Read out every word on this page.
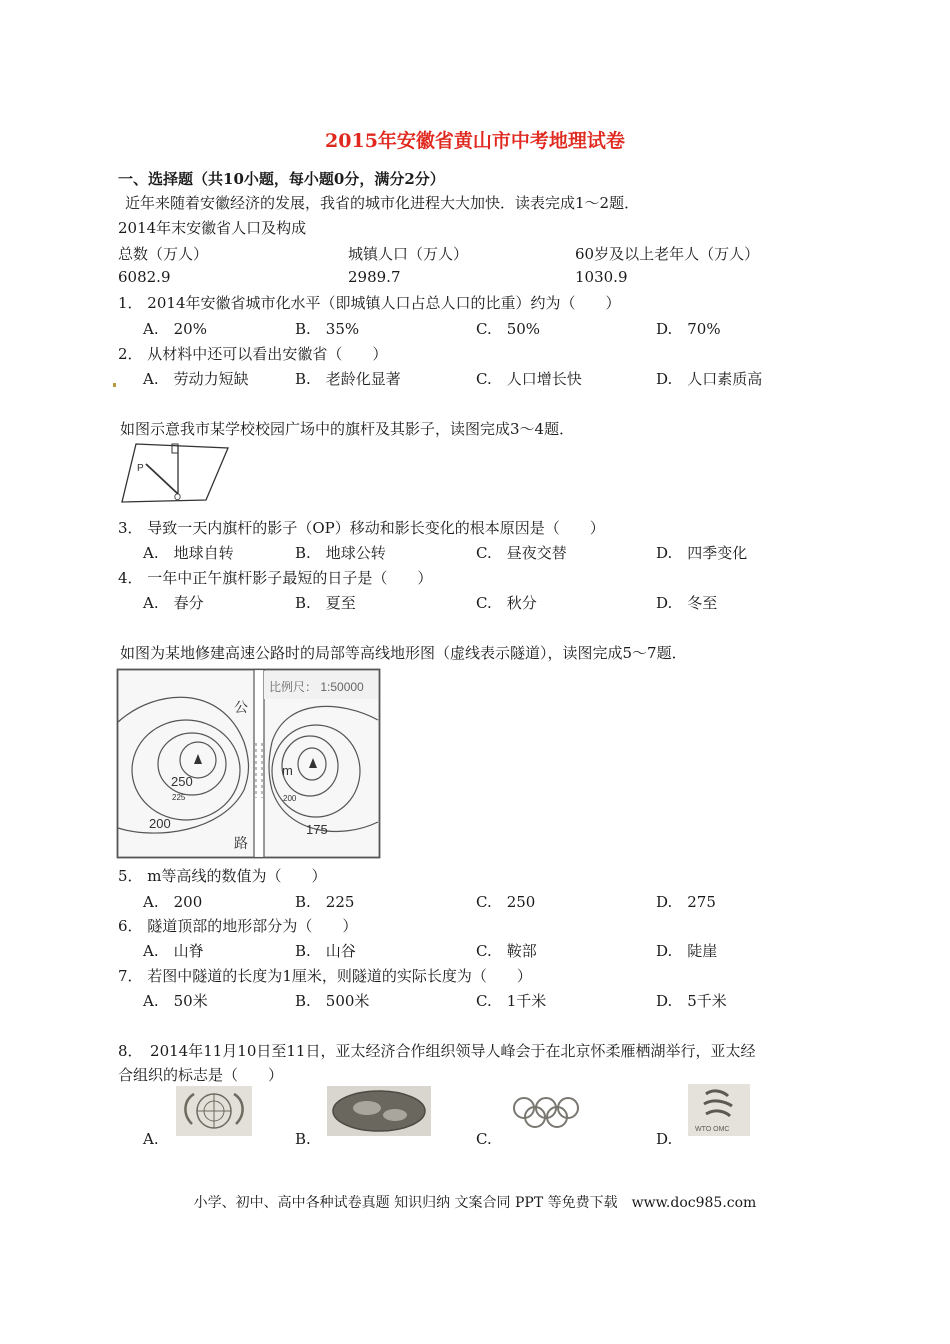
2015年安徽省黄山市中考地理试卷
一、选择题（共10小题，每小题0分，满分2分）
近年来随着安徽经济的发展，我省的城市化进程大大加快．读表完成1～2题．
2014年末安徽省人口及构成
总数（万人）	城镇人口（万人）	60岁及以上老年人（万人）
6082.9	2989.7	1030.9
1． 2014年安徽省城市化水平（即城镇人口占总人口的比重）约为（　　）
A.　20%	B.　35%	C.　50%	D.　70%
2． 从材料中还可以看出安徽省（　　）
A.　劳动力短缺	B.　老龄化显著	C.　人口增长快	D.　人口素质高
如图示意我市某学校校园广场中的旗杆及其影子，读图完成3～4题．
P
O
3． 导致一天内旗杆的影子（OP）移动和影长变化的根本原因是（　　）
A.　地球自转	B.　地球公转	C.　昼夜交替	D.　四季变化
4． 一年中正午旗杆影子最短的日子是（　　）
A.　春分	B.　夏至	C.　秋分	D.　冬至
如图为某地修建高速公路时的局部等高线地形图（虚线表示隧道），读图完成5～7题．
比例尺： 1:50000
公
路
250
225
200
m
200
175
5． m等高线的数值为（　　）
A.　200	B.　225	C.　250	D.　275
6． 隧道顶部的地形部分为（　　）
A.　山脊	B.　山谷	C.　鞍部	D.　陡崖
7． 若图中隧道的长度为1厘米，则隧道的实际长度为（　　）
A.　50米	B.　500米	C.　1千米	D.　5千米
8．　2014年11月10日至11日，亚太经济合作组织领导人峰会于在北京怀柔雁栖湖举行，亚太经
合组织的标志是（　　）
WTO OMC
A.	B.	C.	D.
小学、初中、高中各种试卷真题 知识归纳 文案合同 PPT 等免费下载　www.doc985.com
